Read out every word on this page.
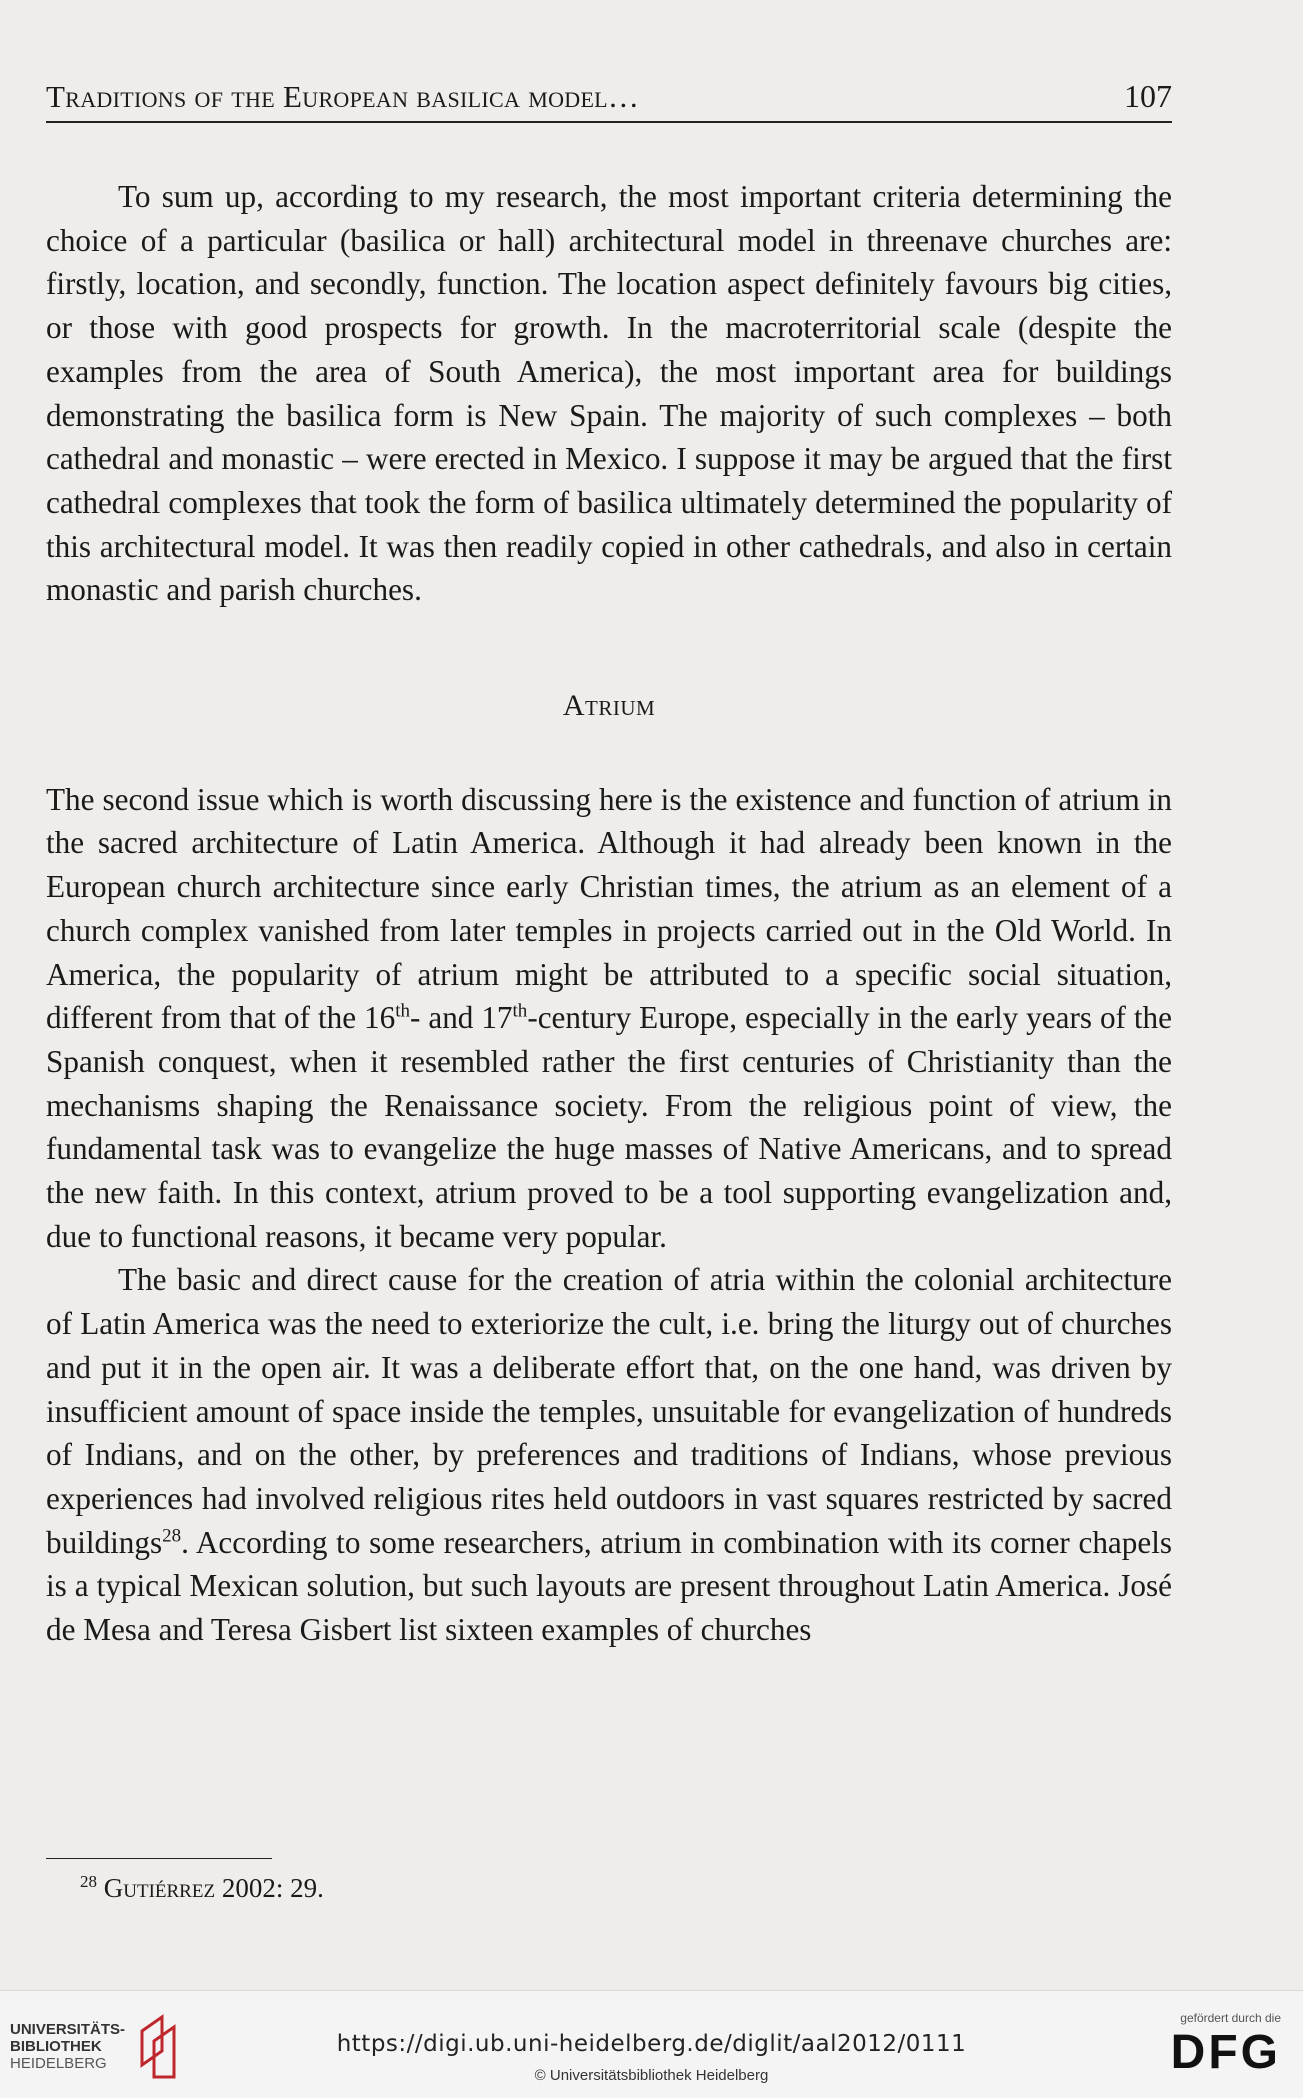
Traditions of the European basilica model…	107

To sum up, according to my research, the most important criteria determining the choice of a particular (basilica or hall) architectural model in threenave churches are: firstly, location, and secondly, function. The location aspect definitely favours big cities, or those with good prospects for growth. In the macroterritorial scale (despite the examples from the area of South America), the most important area for buildings demonstrating the basilica form is New Spain. The majority of such complexes – both cathedral and monastic – were erected in Mexico. I suppose it may be argued that the first cathedral complexes that took the form of basilica ultimately determined the popularity of this architectural model. It was then readily copied in other cathedrals, and also in certain monastic and parish churches.

Atrium

The second issue which is worth discussing here is the existence and function of atrium in the sacred architecture of Latin America. Although it had already been known in the European church architecture since early Christian times, the atrium as an element of a church complex vanished from later temples in projects carried out in the Old World. In America, the popularity of atrium might be attributed to a specific social situation, different from that of the 16th- and 17th-century Europe, especially in the early years of the Spanish conquest, when it resembled rather the first centuries of Christianity than the mechanisms shaping the Renaissance society. From the religious point of view, the fundamental task was to evangelize the huge masses of Native Americans, and to spread the new faith. In this context, atrium proved to be a tool supporting evangelization and, due to functional reasons, it became very popular.

The basic and direct cause for the creation of atria within the colonial architecture of Latin America was the need to exteriorize the cult, i.e. bring the liturgy out of churches and put it in the open air. It was a deliberate effort that, on the one hand, was driven by insufficient amount of space inside the temples, unsuitable for evangelization of hundreds of Indians, and on the other, by preferences and traditions of Indians, whose previous experiences had involved religious rites held outdoors in vast squares restricted by sacred buildings$^{28}$. According to some researchers, atrium in combination with its corner chapels is a typical Mexican solution, but such layouts are present throughout Latin America. José de Mesa and Teresa Gisbert list sixteen examples of churches

$^{28}$ Gutiérrez 2002: 29.
UNIVERSITÄTS-
BIBLIOTHEK
HEIDELBERG
https://digi.ub.uni-heidelberg.de/diglit/aal2012/0111
© Universitätsbibliothek Heidelberg
gefördert durch die
DFG
